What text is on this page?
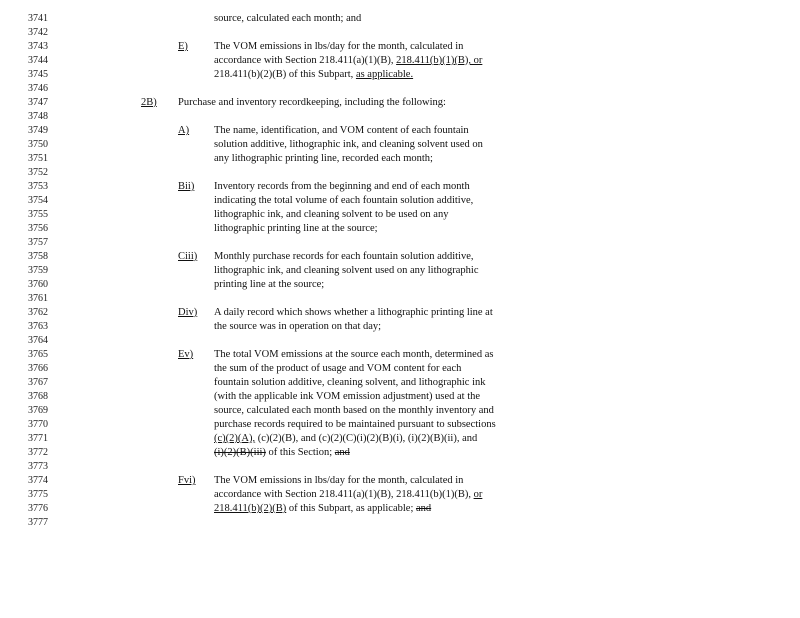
3741	source, calculated each month; and
3742
3743	E) The VOM emissions in lbs/day for the month, calculated in
3744	accordance with Section 218.411(a)(1)(B), 218.411(b)(1)(B), or
3745	218.411(b)(2)(B) of this Subpart, as applicable.
3746
3747	2B) Purchase and inventory recordkeeping, including the following:
3748
3749	A) The name, identification, and VOM content of each fountain
3750	solution additive, lithographic ink, and cleaning solvent used on
3751	any lithographic printing line, recorded each month;
3752
3753	Bii) Inventory records from the beginning and end of each month
3754	indicating the total volume of each fountain solution additive,
3755	lithographic ink, and cleaning solvent to be used on any
3756	lithographic printing line at the source;
3757
3758	Ciii) Monthly purchase records for each fountain solution additive,
3759	lithographic ink, and cleaning solvent used on any lithographic
3760	printing line at the source;
3761
3762	Div) A daily record which shows whether a lithographic printing line at
3763	the source was in operation on that day;
3764
3765	Ev) The total VOM emissions at the source each month, determined as
3766	the sum of the product of usage and VOM content for each
3767	fountain solution additive, cleaning solvent, and lithographic ink
3768	(with the applicable ink VOM emission adjustment) used at the
3769	source, calculated each month based on the monthly inventory and
3770	purchase records required to be maintained pursuant to subsections
3771	(c)(2)(A), (c)(2)(B), and (c)(2)(C)(i)(2)(B)(i), (i)(2)(B)(ii), and
3772	(i)(2)(B)(iii) of this Section; and
3773
3774	Fvi) The VOM emissions in lbs/day for the month, calculated in
3775	accordance with Section 218.411(a)(1)(B), 218.411(b)(1)(B), or
3776	218.411(b)(2)(B) of this Subpart, as applicable; and
3777
